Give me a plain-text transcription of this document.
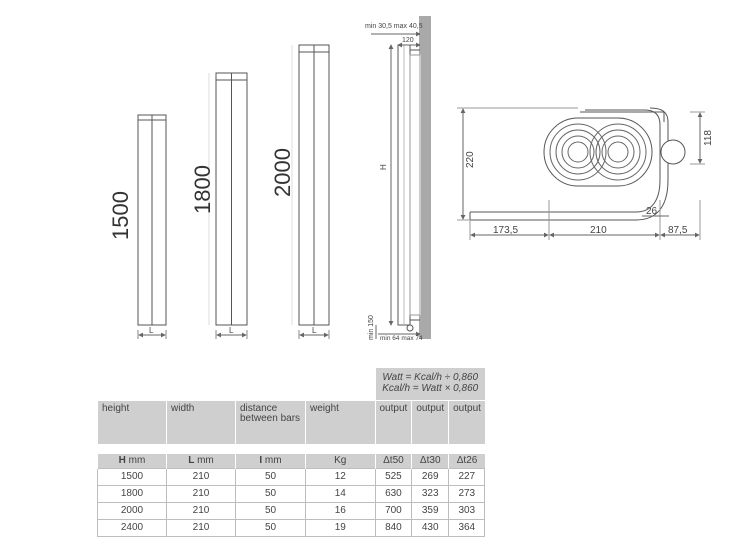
1500
L
1800
L
2000
L
min 30,5 max 40,5
120
H
min 150 min 64 max 74
220
118
26
173,5	210	87,5

				Watt = Kcal/h ÷ 0,860
Kcal/h = Watt × 0,860		

height	width	distance between bars	weight	output	output	output

H mm	L mm	I mm	Kg	Δt50	Δt30	Δt26
1500	210	50	12	525	269	227
1800	210	50	14	630	323	273
2000	210	50	16	700	359	303
2400	210	50	19	840	430	364
